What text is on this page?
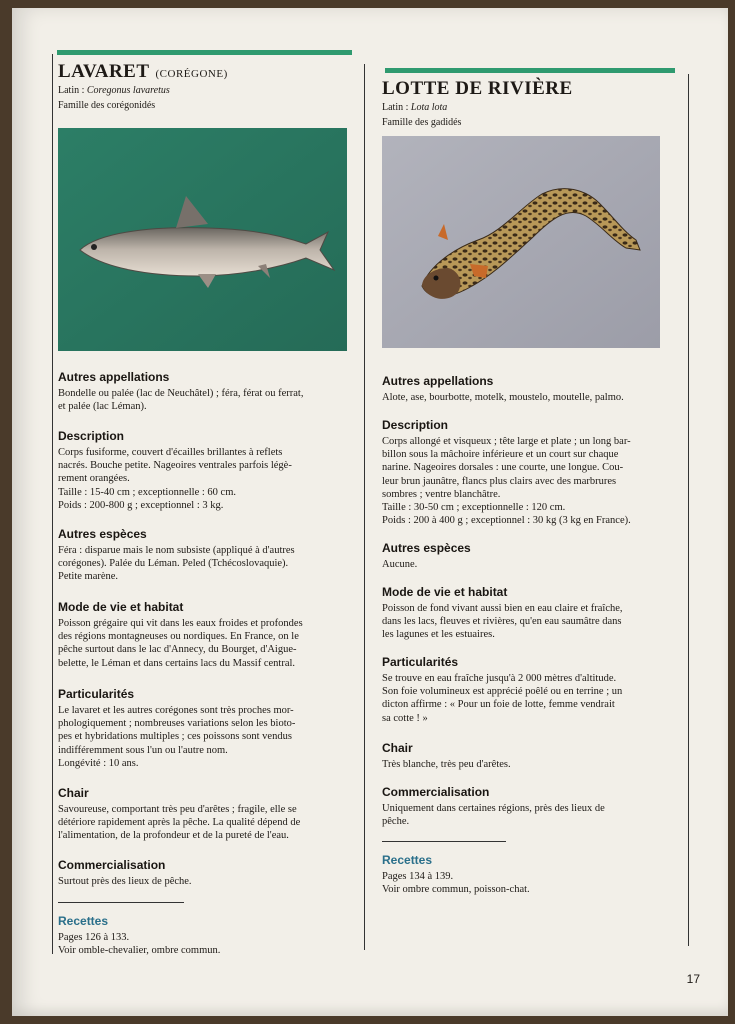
LAVARET (CORÉGONE)
Latin : Coregonus lavaretus
Famille des corégonidés
Autres appellations

Bondelle ou palée (lac de Neuchâtel) ; féra, férat ou ferrat,
et palée (lac Léman).

Description

Corps fusiforme, couvert d'écailles brillantes à reflets
nacrés. Bouche petite. Nageoires ventrales parfois légè-
rement orangées.
Taille : 15-40 cm ; exceptionnelle : 60 cm.
Poids : 200-800 g ; exceptionnel : 3 kg.

Autres espèces

Féra : disparue mais le nom subsiste (appliqué à d'autres
corégones). Palée du Léman. Peled (Tchécoslovaquie).
Petite marène.

Mode de vie et habitat

Poisson grégaire qui vit dans les eaux froides et profondes
des régions montagneuses ou nordiques. En France, on le
pêche surtout dans le lac d'Annecy, du Bourget, d'Aigue-
belette, le Léman et dans certains lacs du Massif central.

Particularités

Le lavaret et les autres corégones sont très proches mor-
phologiquement ; nombreuses variations selon les bioto-
pes et hybridations multiples ; ces poissons sont vendus
indifféremment sous l'un ou l'autre nom.
Longévité : 10 ans.

Chair

Savoureuse, comportant très peu d'arêtes ; fragile, elle se
détériore rapidement après la pêche. La qualité dépend de
l'alimentation, de la profondeur et de la pureté de l'eau.

Commercialisation

Surtout près des lieux de pêche.

Recettes

Pages 126 à 133.
Voir omble-chevalier, ombre commun.

LOTTE DE RIVIÈRE
Latin : Lota lota
Famille des gadidés
Autres appellations

Alote, ase, bourbotte, motelk, moustelo, moutelle, palmo.

Description

Corps allongé et visqueux ; tête large et plate ; un long bar-
billon sous la mâchoire inférieure et un court sur chaque
narine. Nageoires dorsales : une courte, une longue. Cou-
leur brun jaunâtre, flancs plus clairs avec des marbrures
sombres ; ventre blanchâtre.
Taille : 30-50 cm ; exceptionnelle : 120 cm.
Poids : 200 à 400 g ; exceptionnel : 30 kg (3 kg en France).

Autres espèces

Aucune.

Mode de vie et habitat

Poisson de fond vivant aussi bien en eau claire et fraîche,
dans les lacs, fleuves et rivières, qu'en eau saumâtre dans
les lagunes et les estuaires.

Particularités

Se trouve en eau fraîche jusqu'à 2 000 mètres d'altitude.
Son foie volumineux est apprécié poêlé ou en terrine ; un
dicton affirme : « Pour un foie de lotte, femme vendrait
sa cotte ! »

Chair

Très blanche, très peu d'arêtes.

Commercialisation

Uniquement dans certaines régions, près des lieux de
pêche.

Recettes

Pages 134 à 139.
Voir ombre commun, poisson-chat.

17
